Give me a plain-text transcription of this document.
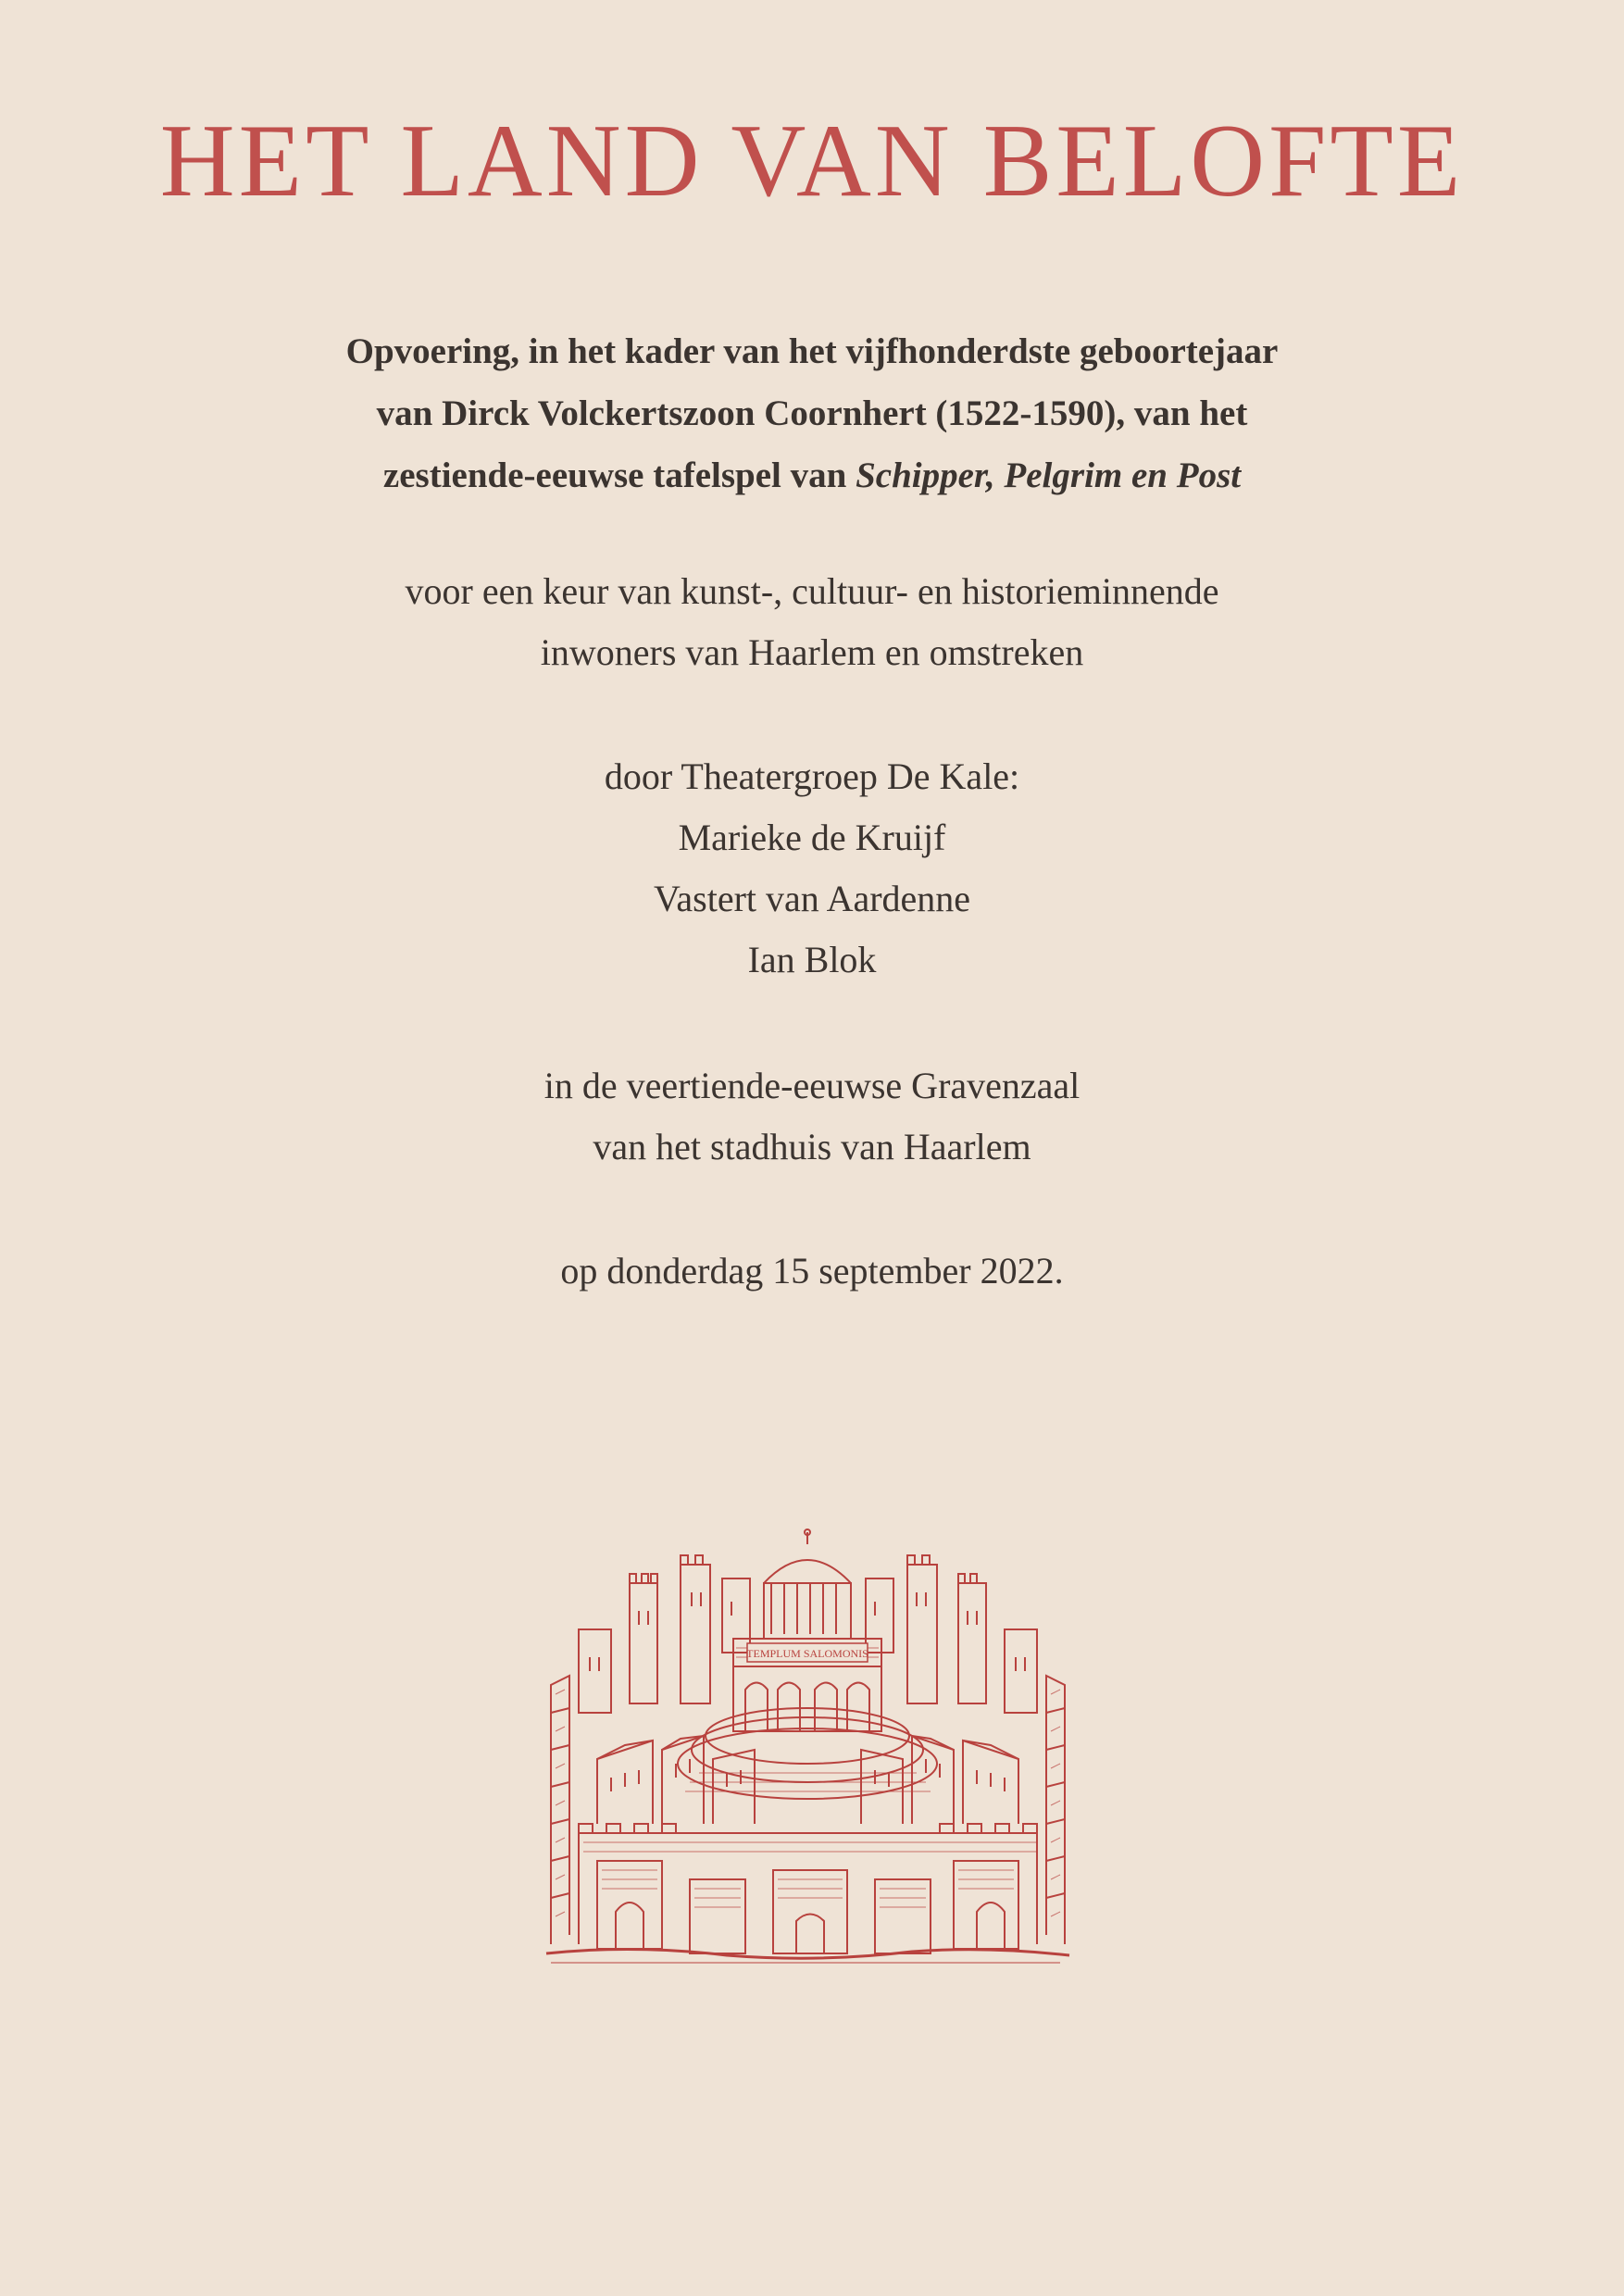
HET LAND VAN BELOFTE
Opvoering, in het kader van het vijfhonderdste geboortejaar
van Dirck Volckertszoon Coornhert (1522-1590), van het
zestiende-eeuwse tafelspel van Schipper, Pelgrim en Post

voor een keur van kunst-, cultuur- en historieminnende

inwoners van Haarlem en omstreken

door Theatergroep De Kale:

Marieke de Kruijf

Vastert van Aardenne

Ian Blok

in de veertiende-eeuwse Gravenzaal

van het stadhuis van Haarlem

op donderdag 15 september 2022.

TEMPLUM SALOMONIS
